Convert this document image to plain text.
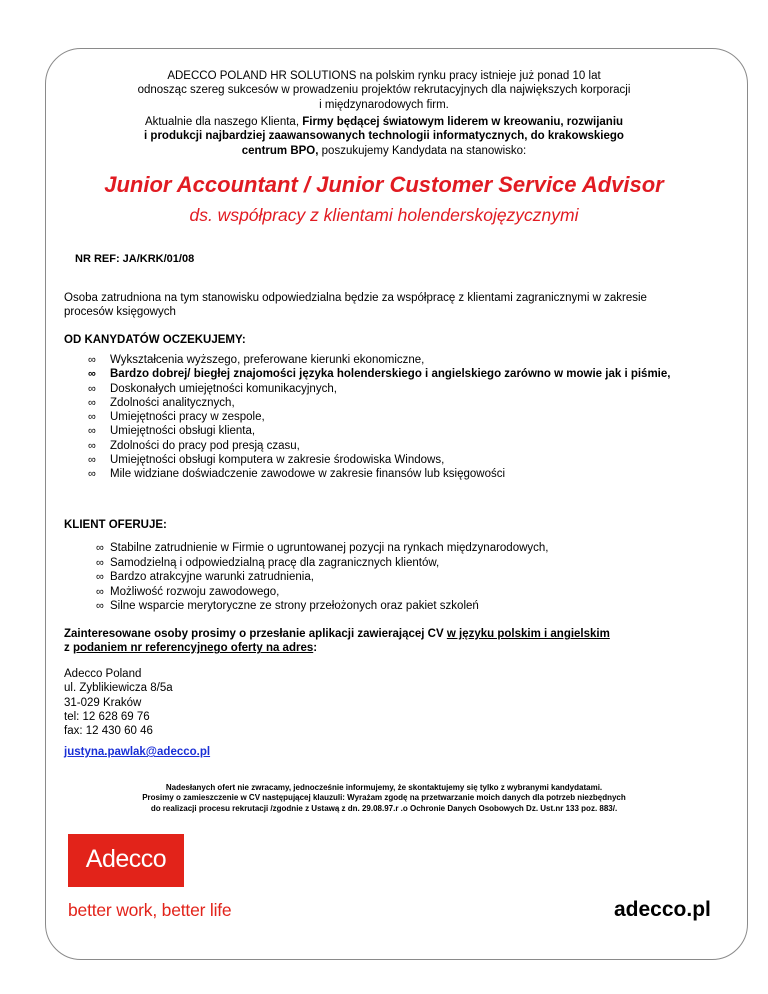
ADECCO POLAND HR SOLUTIONS na polskim rynku pracy istnieje już ponad 10 lat
odnosząc szereg sukcesów w prowadzeniu projektów rekrutacyjnych dla największych korporacji
i międzynarodowych firm.
Aktualnie dla naszego Klienta, Firmy będącej światowym liderem w kreowaniu, rozwijaniu
i produkcji najbardziej zaawansowanych technologii informatycznych, do krakowskiego
centrum BPO, poszukujemy Kandydata na stanowisko:
Junior Accountant / Junior Customer Service Advisor
ds. współpracy z klientami holenderskojęzycznymi
NR REF: JA/KRK/01/08
Osoba zatrudniona na tym stanowisku odpowiedzialna będzie za współpracę z klientami zagranicznymi w zakresie
procesów księgowych
OD KANYDATÓW OCZEKUJEMY:
∞ Wykształcenia wyższego, preferowane kierunki ekonomiczne,
∞ Bardzo dobrej/ biegłej znajomości języka holenderskiego i angielskiego zarówno w mowie jak i piśmie,
∞ Doskonałych umiejętności komunikacyjnych,
∞ Zdolności analitycznych,
∞ Umiejętności pracy w zespole,
∞ Umiejętności obsługi klienta,
∞ Zdolności do pracy pod presją czasu,
∞ Umiejętności obsługi komputera w zakresie środowiska Windows,
∞ Mile widziane doświadczenie zawodowe w zakresie finansów lub księgowości
KLIENT OFERUJE:
∞ Stabilne zatrudnienie w Firmie o ugruntowanej pozycji na rynkach międzynarodowych,
∞ Samodzielną i odpowiedzialną pracę dla zagranicznych klientów,
∞ Bardzo atrakcyjne warunki zatrudnienia,
∞ Możliwość rozwoju zawodowego,
∞ Silne wsparcie merytoryczne ze strony przełożonych oraz pakiet szkoleń
Zainteresowane osoby prosimy o przesłanie aplikacji zawierającej CV w języku polskim i angielskim
z podaniem nr referencyjnego oferty na adres:
Adecco Poland
ul. Zyblikiewicza 8/5a
31-029 Kraków
tel: 12 628 69 76
fax: 12 430 60 46
justyna.pawlak@adecco.pl
Nadesłanych ofert nie zwracamy, jednocześnie informujemy, że skontaktujemy się tylko z wybranymi kandydatami.
Prosimy o zamieszczenie w CV następującej klauzuli: Wyrażam zgodę na przetwarzanie moich danych dla potrzeb niezbędnych
do realizacji procesu rekrutacji /zgodnie z Ustawą z dn. 29.08.97.r .o Ochronie Danych Osobowych Dz. Ust.nr 133 poz. 883/.
Adecco
better work, better life	adecco.pl
